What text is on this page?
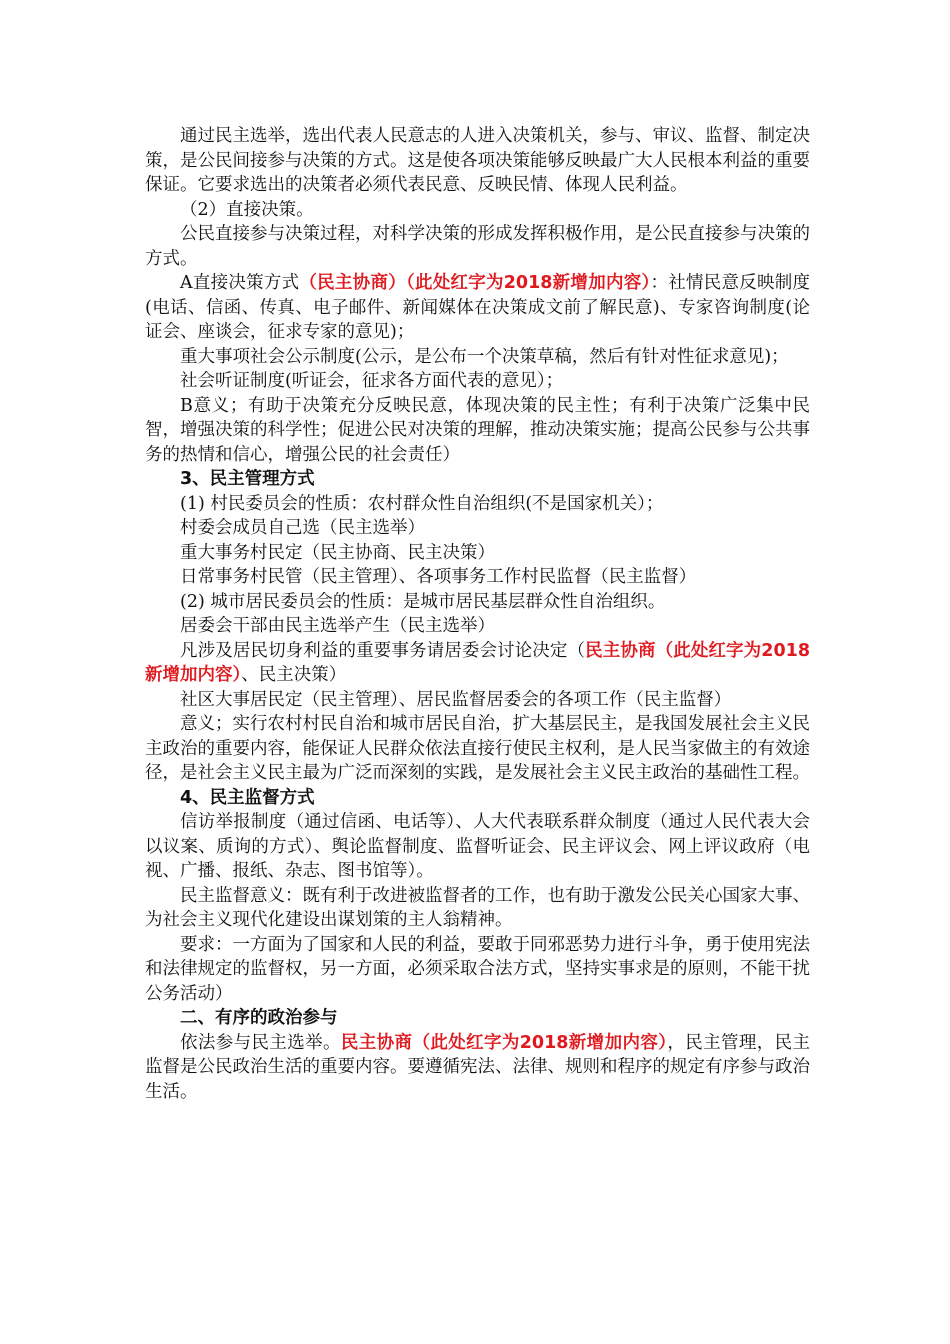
通过民主选举，选出代表人民意志的人进入决策机关，参与、审议、监督、制定决策，是公民间接参与决策的方式。这是使各项决策能够反映最广大人民根本利益的重要保证。它要求选出的决策者必须代表民意、反映民情、体现人民利益。

（2）直接决策。

公民直接参与决策过程，对科学决策的形成发挥积极作用，是公民直接参与决策的方式。

A直接决策方式（民主协商）（此处红字为2018新增加内容）：社情民意反映制度(电话、信函、传真、电子邮件、新闻媒体在决策成文前了解民意)、专家咨询制度(论证会、座谈会，征求专家的意见)；

重大事项社会公示制度(公示，是公布一个决策草稿，然后有针对性征求意见)；

社会听证制度(听证会，征求各方面代表的意见）；

B意义；有助于决策充分反映民意，体现决策的民主性；有利于决策广泛集中民智，增强决策的科学性；促进公民对决策的理解，推动决策实施；提高公民参与公共事务的热情和信心，增强公民的社会责任）

3、民主管理方式

(1) 村民委员会的性质：农村群众性自治组织(不是国家机关）；

村委会成员自己选（民主选举）

重大事务村民定（民主协商、民主决策）

日常事务村民管（民主管理）、各项事务工作村民监督（民主监督）

(2) 城市居民委员会的性质：是城市居民基层群众性自治组织。

居委会干部由民主选举产生（民主选举）

凡涉及居民切身利益的重要事务请居委会讨论决定（民主协商（此处红字为2018新增加内容）、民主决策）

社区大事居民定（民主管理）、居民监督居委会的各项工作（民主监督）

意义；实行农村村民自治和城市居民自治，扩大基层民主，是我国发展社会主义民主政治的重要内容，能保证人民群众依法直接行使民主权利，是人民当家做主的有效途径，是社会主义民主最为广泛而深刻的实践，是发展社会主义民主政治的基础性工程。

4、民主监督方式

信访举报制度（通过信函、电话等）、人大代表联系群众制度（通过人民代表大会以议案、质询的方式）、舆论监督制度、监督听证会、民主评议会、网上评议政府（电视、广播、报纸、杂志、图书馆等）。

民主监督意义：既有利于改进被监督者的工作，也有助于激发公民关心国家大事、为社会主义现代化建设出谋划策的主人翁精神。

要求：一方面为了国家和人民的利益，要敢于同邪恶势力进行斗争，勇于使用宪法和法律规定的监督权，另一方面，必须采取合法方式，坚持实事求是的原则，不能干扰公务活动）

二、有序的政治参与

依法参与民主选举。民主协商（此处红字为2018新增加内容），民主管理，民主监督是公民政治生活的重要内容。要遵循宪法、法律、规则和程序的规定有序参与政治生活。
